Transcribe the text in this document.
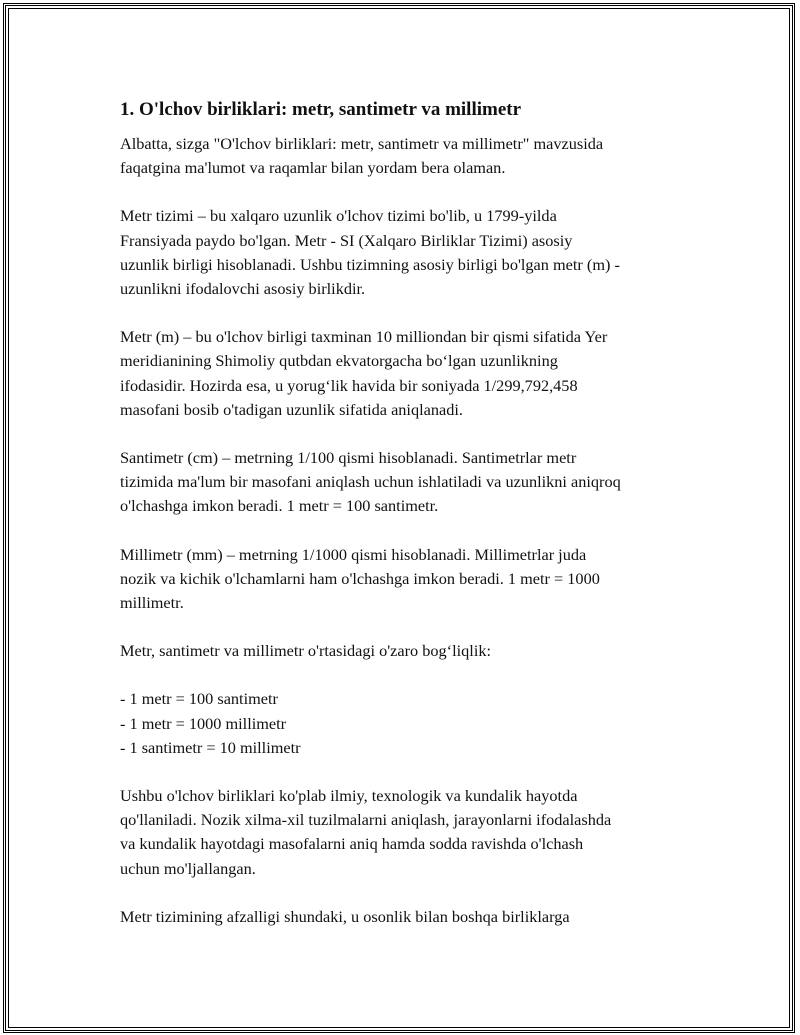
1. O'lchov birliklari: metr, santimetr va millimetr

Albatta, sizga "O'lchov birliklari: metr, santimetr va millimetr" mavzusida
faqatgina ma'lumot va raqamlar bilan yordam bera olaman.

Metr tizimi – bu xalqaro uzunlik o'lchov tizimi bo'lib, u 1799-yilda
Fransiyada paydo bo'lgan. Metr - SI (Xalqaro Birliklar Tizimi) asosiy
uzunlik birligi hisoblanadi. Ushbu tizimning asosiy birligi bo'lgan metr (m) -
uzunlikni ifodalovchi asosiy birlikdir.

Metr (m) – bu o'lchov birligi taxminan 10 milliondan bir qismi sifatida Yer
meridianining Shimoliy qutbdan ekvatorgacha bo‘lgan uzunlikning
ifodasidir. Hozirda esa, u yorug‘lik havida bir soniyada 1/299,792,458
masofani bosib o'tadigan uzunlik sifatida aniqlanadi.

Santimetr (cm) – metrning 1/100 qismi hisoblanadi. Santimetrlar metr
tizimida ma'lum bir masofani aniqlash uchun ishlatiladi va uzunlikni aniqroq
o'lchashga imkon beradi. 1 metr = 100 santimetr.

Millimetr (mm) – metrning 1/1000 qismi hisoblanadi. Millimetrlar juda
nozik va kichik o'lchamlarni ham o'lchashga imkon beradi. 1 metr = 1000
millimetr.

Metr, santimetr va millimetr o'rtasidagi o'zaro bog‘liqlik:

- 1 metr = 100 santimetr
- 1 metr = 1000 millimetr
- 1 santimetr = 10 millimetr

Ushbu o'lchov birliklari ko'plab ilmiy, texnologik va kundalik hayotda
qo'llaniladi. Nozik xilma-xil tuzilmalarni aniqlash, jarayonlarni ifodalashda
va kundalik hayotdagi masofalarni aniq hamda sodda ravishda o'lchash
uchun mo'ljallangan.

Metr tizimining afzalligi shundaki, u osonlik bilan boshqa birliklarga
